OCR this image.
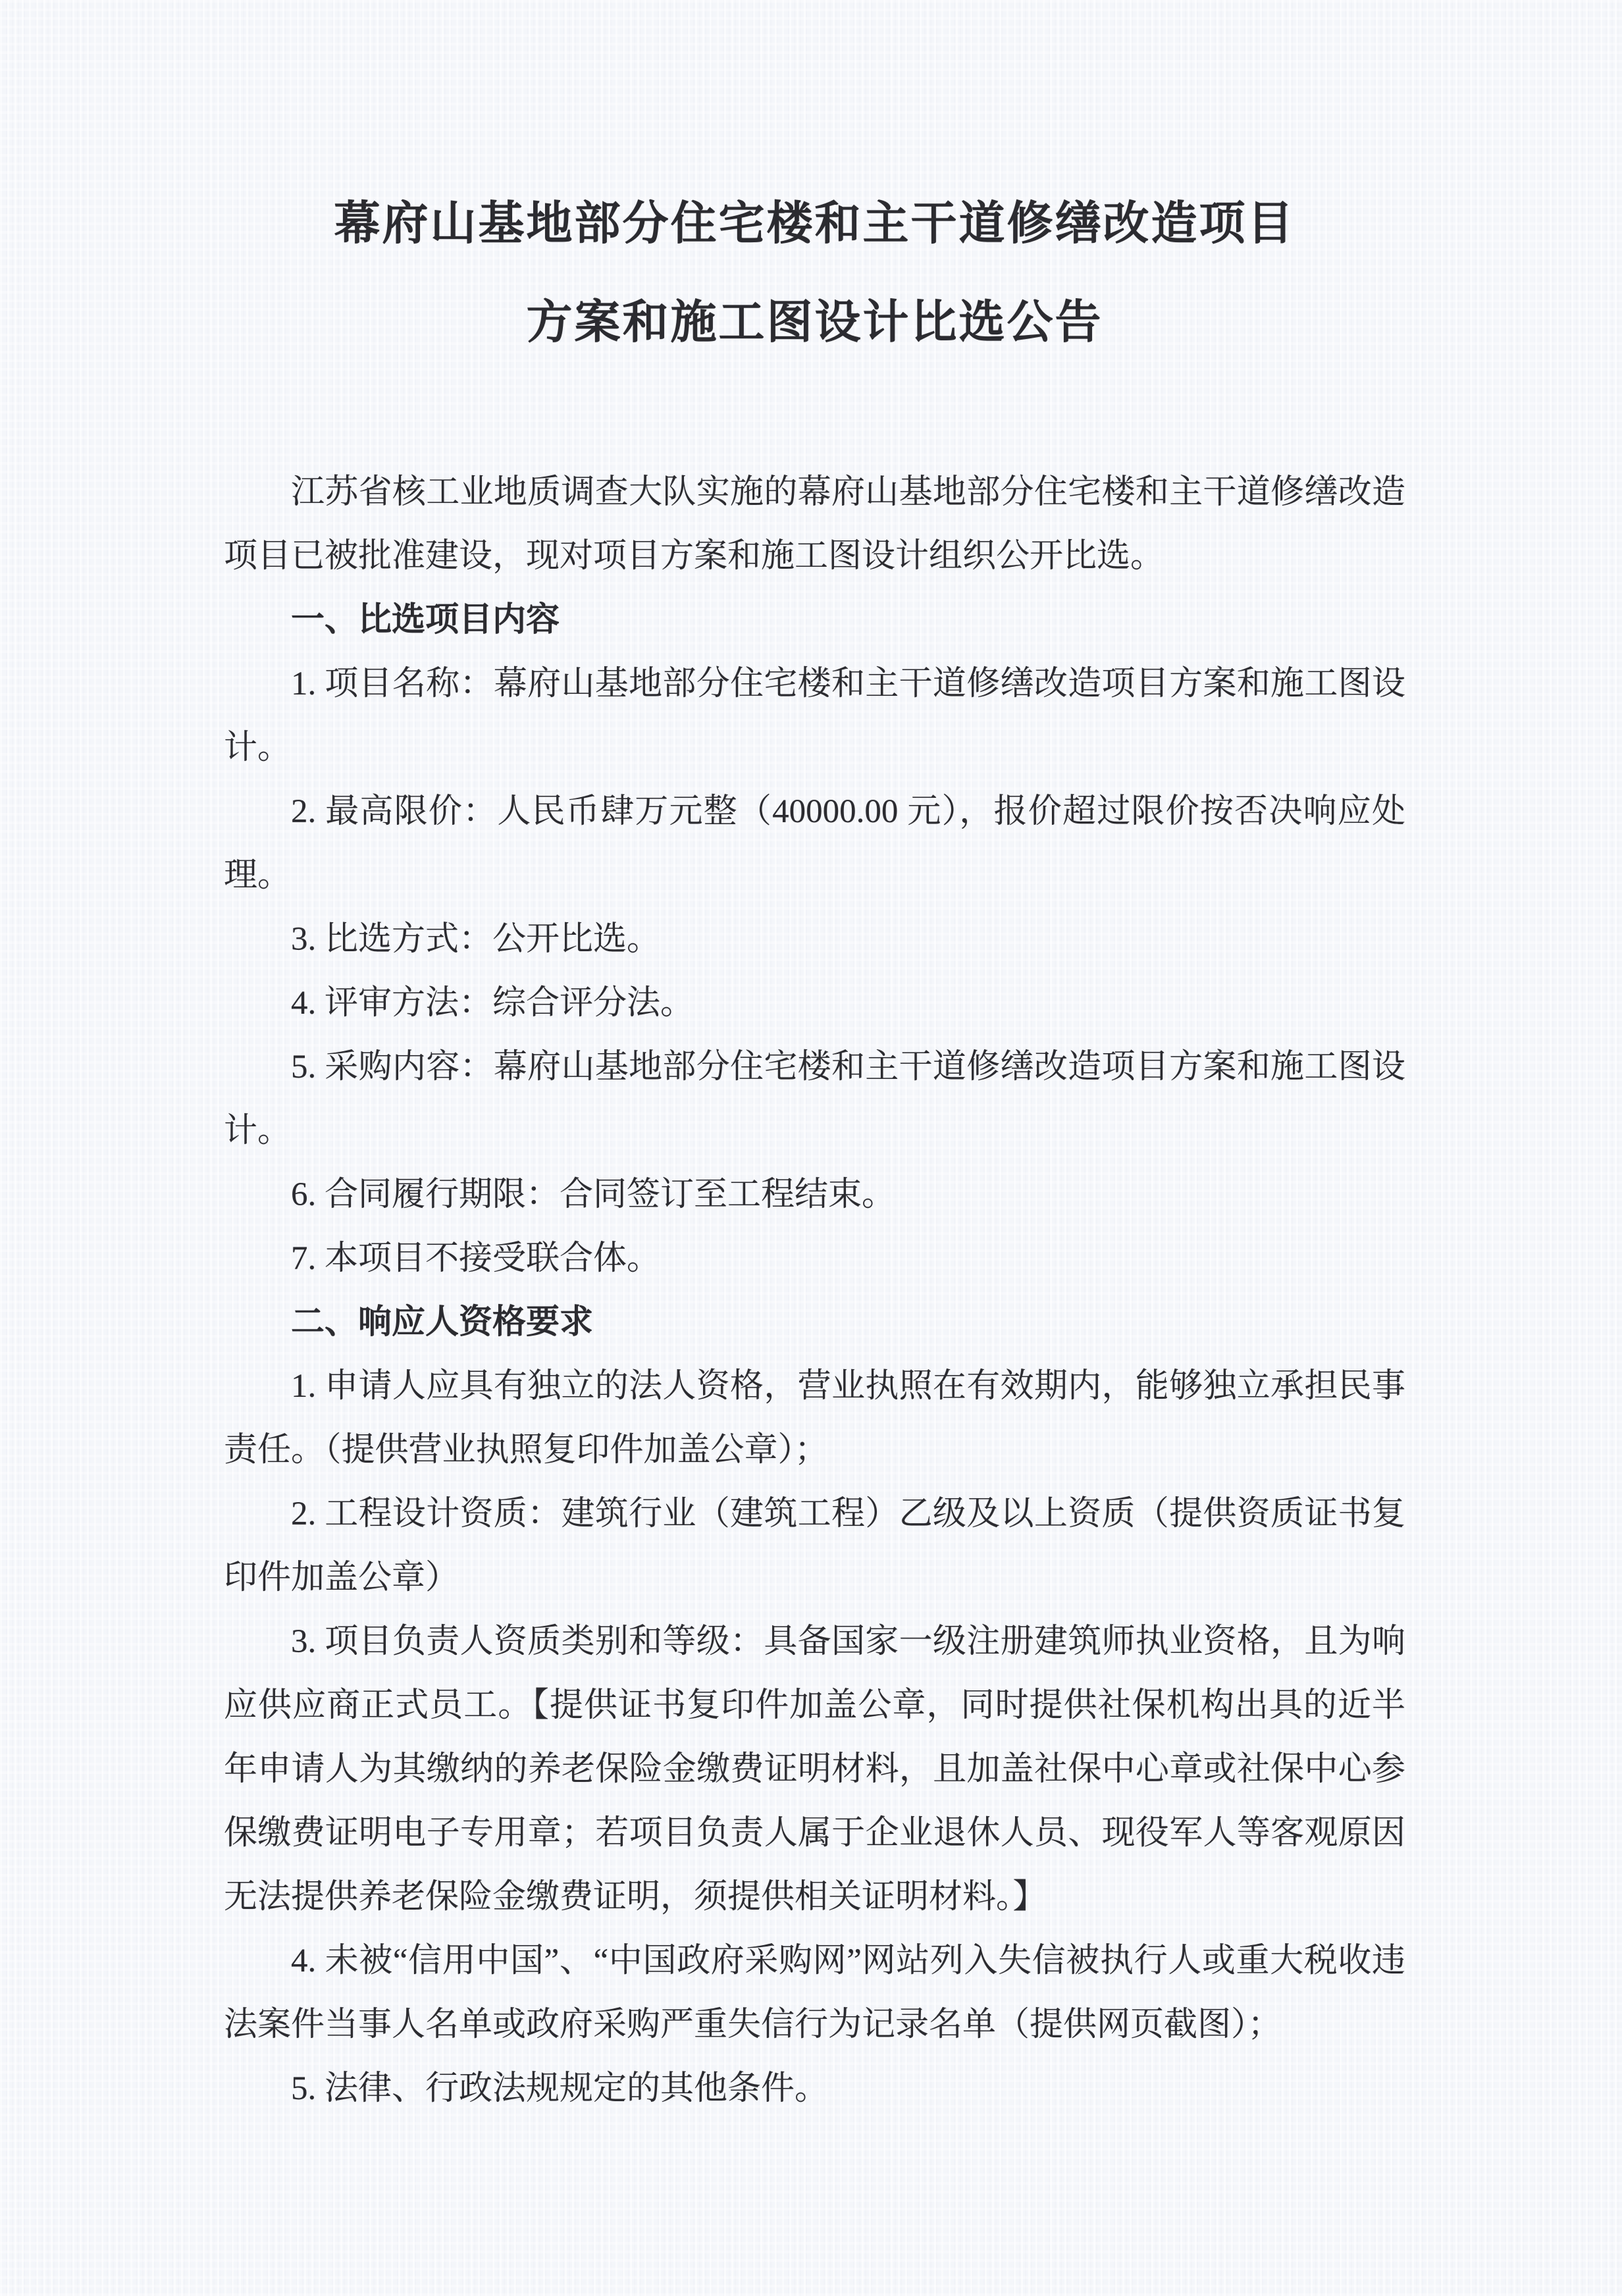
幕府山基地部分住宅楼和主干道修缮改造项目
方案和施工图设计比选公告

江苏省核工业地质调查大队实施的幕府山基地部分住宅楼和主干道修缮改造项目已被批准建设，现对项目方案和施工图设计组织公开比选。

一、比选项目内容

1. 项目名称：幕府山基地部分住宅楼和主干道修缮改造项目方案和施工图设计。

2. 最高限价：人民币肆万元整（40000.00 元），报价超过限价按否决响应处理。

3. 比选方式：公开比选。

4. 评审方法：综合评分法。

5. 采购内容：幕府山基地部分住宅楼和主干道修缮改造项目方案和施工图设计。

6. 合同履行期限：合同签订至工程结束。

7. 本项目不接受联合体。

二、响应人资格要求

1. 申请人应具有独立的法人资格，营业执照在有效期内，能够独立承担民事责任。（提供营业执照复印件加盖公章）；

2. 工程设计资质：建筑行业（建筑工程）乙级及以上资质（提供资质证书复印件加盖公章）

3. 项目负责人资质类别和等级：具备国家一级注册建筑师执业资格，且为响应供应商正式员工。【提供证书复印件加盖公章，同时提供社保机构出具的近半年申请人为其缴纳的养老保险金缴费证明材料，且加盖社保中心章或社保中心参保缴费证明电子专用章；若项目负责人属于企业退休人员、现役军人等客观原因无法提供养老保险金缴费证明，须提供相关证明材料。】

4. 未被“信用中国”、“中国政府采购网”网站列入失信被执行人或重大税收违法案件当事人名单或政府采购严重失信行为记录名单（提供网页截图）；

5. 法律、行政法规规定的其他条件。
